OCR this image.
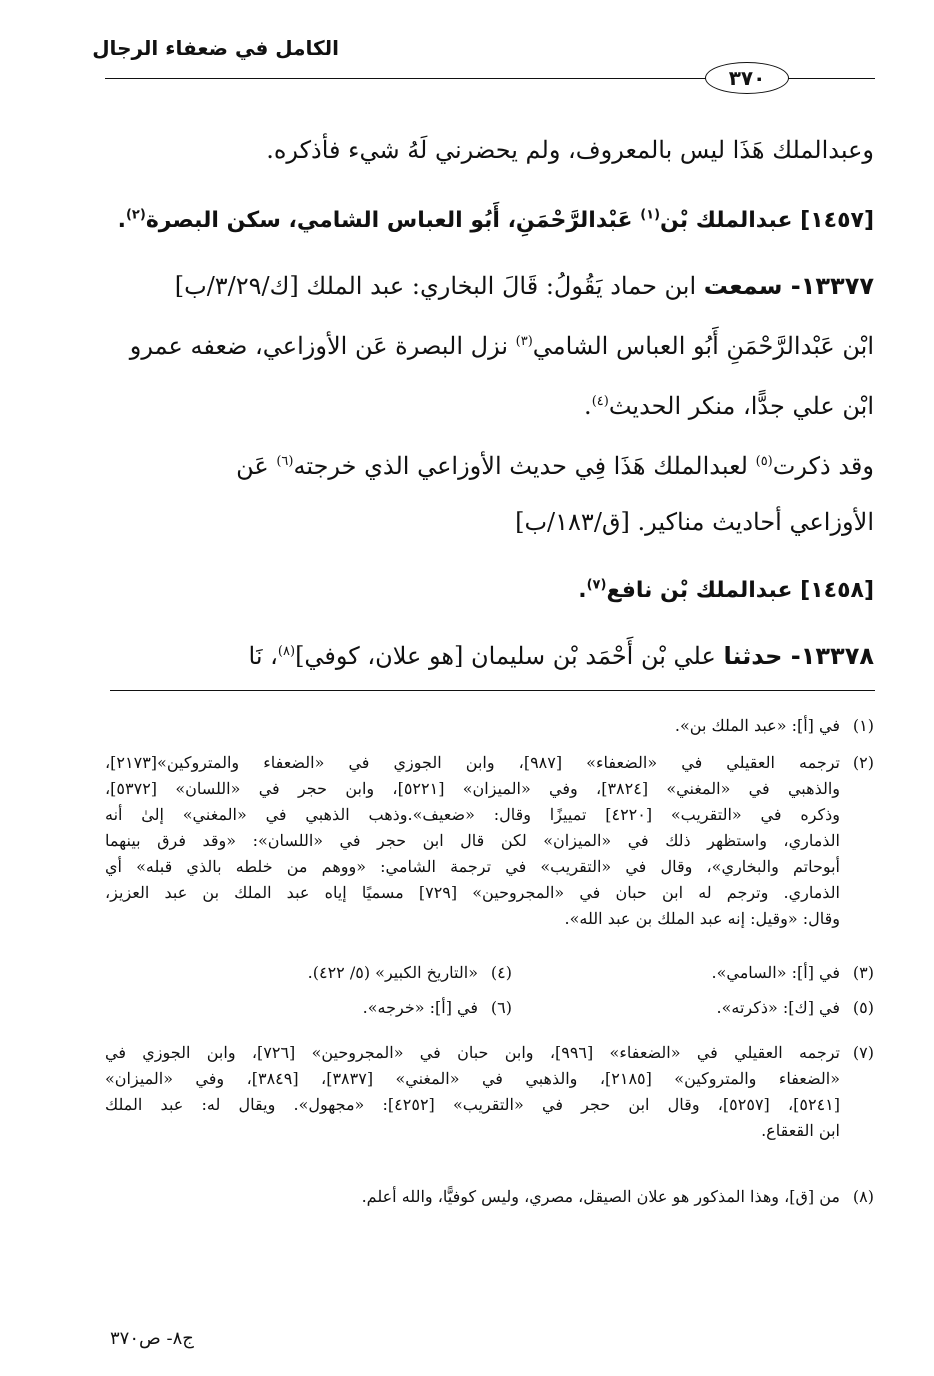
الكامل في ضعفاء الرجال
٣٧٠
وعبدالملك هَذَا ليس بالمعروف، ولم يحضرني لَهُ شيء فأذكره.
[١٤٥٧] عبدالملك بْن$^{(١)}$ عَبْدالرَّحْمَنِ، أَبُو العباس الشامي، سكن البصرة$^{(٢)}$.
١٣٣٧٧- سمعت ابن حماد يَقُولُ: قَالَ البخاري: عبد الملك [ك/٣/٢٩/ب]
ابْن عَبْدالرَّحْمَنِ أَبُو العباس الشامي$^{(٣)}$ نزل البصرة عَن الأوزاعي، ضعفه عمرو
ابْن علي جدًّا، منكر الحديث$^{(٤)}$.
وقد ذكرت$^{(٥)}$ لعبدالملك هَذَا فِي حديث الأوزاعي الذي خرجته$^{(٦)}$ عَن
الأوزاعي أحاديث مناكير. [ق/١٨٣/ب]
[١٤٥٨] عبدالملك بْن نافع$^{(٧)}$.
١٣٣٧٨- حدثنا علي بْن أَحْمَد بْن سليمان [هو علان، كوفي]$^{(٨)}$، نَا
(١)في [أ]: «عبد الملك بن».
(٢)ترجمه العقيلي في «الضعفاء» [٩٨٧]، وابن الجوزي في «الضعفاء والمتروكين»[٢١٧٣]،
والذهبي في «المغني» [٣٨٢٤]، وفي «الميزان» [٥٢٢١]، وابن حجر في «اللسان» [٥٣٧٢]،
وذكره في «التقريب» [٤٢٢٠] تمييزًا وقال: «ضعيف».وذهب الذهبي في «المغني» إلىٰ أنه
الذماري، واستظهر ذلك في «الميزان» لكن قال ابن حجر في «اللسان»: «وقد فرق بينهما
أبوحاتم والبخاري»، وقال في «التقريب» في ترجمة الشامي: «ووهم من خلطه بالذي قبله» أي
الذماري. وترجم له ابن حبان في «المجروحين» [٧٢٩] مسميًا إياه عبد الملك بن عبد العزيز،
وقال: «وقيل: إنه عبد الملك بن عبد الله».
(٣)في [أ]: «السامي».
(٤)«التاريخ الكبير» (٥/ ٤٢٢).
(٥)في [ك]: «ذكرته».
(٦)في [أ]: «خرجه».
(٧)ترجمه العقيلي في «الضعفاء» [٩٩٦]، وابن حبان في «المجروحين» [٧٢٦]، وابن الجوزي في
«الضعفاء والمتروكين» [٢١٨٥]، والذهبي في «المغني» [٣٨٣٧]، [٣٨٤٩]، وفي «الميزان»
[٥٢٤١]، [٥٢٥٧]، وقال ابن حجر في «التقريب» [٤٢٥٢]: «مجهول». ويقال له: عبد الملك
ابن القعقاع.
(٨)من [ق]، وهذا المذكور هو علان الصيقل، مصري، وليس كوفيًّا، والله أعلم.
ج٨- ص٣٧٠
